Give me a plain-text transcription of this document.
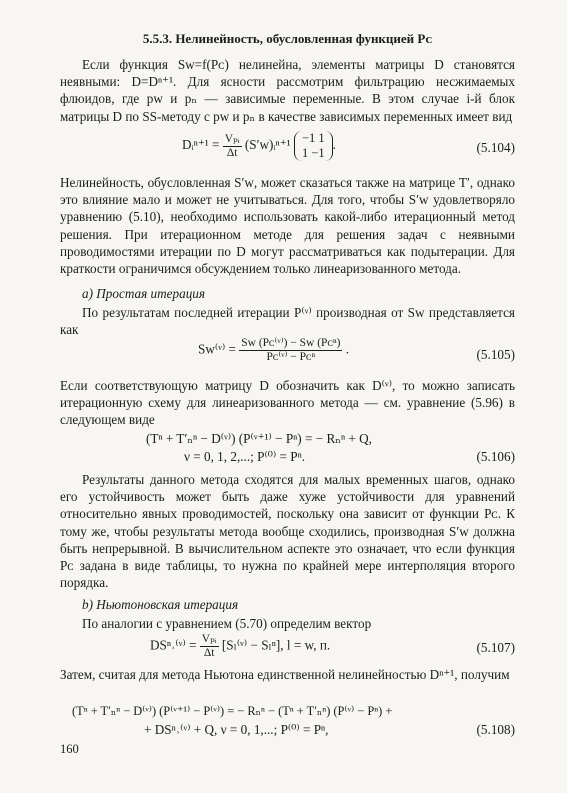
5.5.3. Нелинейность, обусловленная функцией Pᴄ

Если функция Sᴡ=f(Pᴄ) нелинейна, элементы матрицы D становятся неявными: D=Dⁿ⁺¹. Для ясности рассмотрим фильтрацию несжимаемых флюидов, где pᴡ и pₙ — зависимые переменные. В этом случае i-й блок матрицы D по SS-методу с pᴡ и pₙ в качестве зависимых переменных имеет вид

Dᵢⁿ⁺¹ = $\frac{\text{Vₚᵢ}}{\Delta t}$ (S′ᴡ)ᵢⁿ⁺¹ −1 1
1 −1
.	(5.104)

Нелинейность, обусловленная S′ᴡ, может сказаться также на матрице T′, однако это влияние мало и может не учитываться. Для того, чтобы S′ᴡ удовлетворяло уравнению (5.10), необходимо использовать какой-либо итерационный метод решения. При итерационном методе для решения задач с неявными проводимостями итерации по D могут рассматриваться как подытерации. Для краткости ограничимся обсуждением только линеаризованного метода.

а) Простая итерация

По результатам последней итерации P⁽ᵛ⁾ производная от Sᴡ представляется как

Sᴡ⁽ᵛ⁾ = $\frac{\text{Sᴡ (Pᴄ⁽ᵛ⁾) − Sᴡ (Pᴄⁿ)}}{\text{Pᴄ⁽ᵛ⁾ − Pᴄⁿ}}$ .	(5.105)

Если соответствующую матрицу D обозначить как D⁽ᵛ⁾, то можно записать итерационную схему для линеаризованного метода — см. уравнение (5.96) в следующем виде

(Tⁿ + T′ₙⁿ − D⁽ᵛ⁾) (P⁽ᵛ⁺¹⁾ − Pⁿ) = − Rₙⁿ + Q,
ν = 0, 1, 2,...; P⁽⁰⁾ = Pⁿ.	(5.106)

Результаты данного метода сходятся для малых временных шагов, однако его устойчивость может быть даже хуже устойчивости для уравнений относительно явных проводимостей, поскольку она зависит от функции Pᴄ. К тому же, чтобы результаты метода вообще сходились, производная S′ᴡ должна быть непрерывной. В вычислительном аспекте это означает, что если функция Pᴄ задана в виде таблицы, то нужна по крайней мере интерполяция второго порядка.

b) Ньютоновская итерация

По аналогии с уравнением (5.70) определим вектор

DSⁿ˒⁽ᵛ⁾ = $\frac{\text{Vₚᵢ}}{\Delta t}$ [Sₗ⁽ᵛ⁾ − Sₗⁿ], l = w, п.	(5.107)

Затем, считая для метода Ньютона единственной нелинейностью Dⁿ⁺¹, получим

(Tⁿ + T′ₙⁿ − D⁽ᵛ⁾) (P⁽ᵛ⁺¹⁾ − P⁽ᵛ⁾) = − Rₙⁿ − (Tⁿ + T′ₙⁿ) (P⁽ᵛ⁾ − Pⁿ) +
+ DSⁿ˒⁽ᵛ⁾ + Q, ν = 0, 1,...; P⁽⁰⁾ = Pⁿ,	(5.108)
160
